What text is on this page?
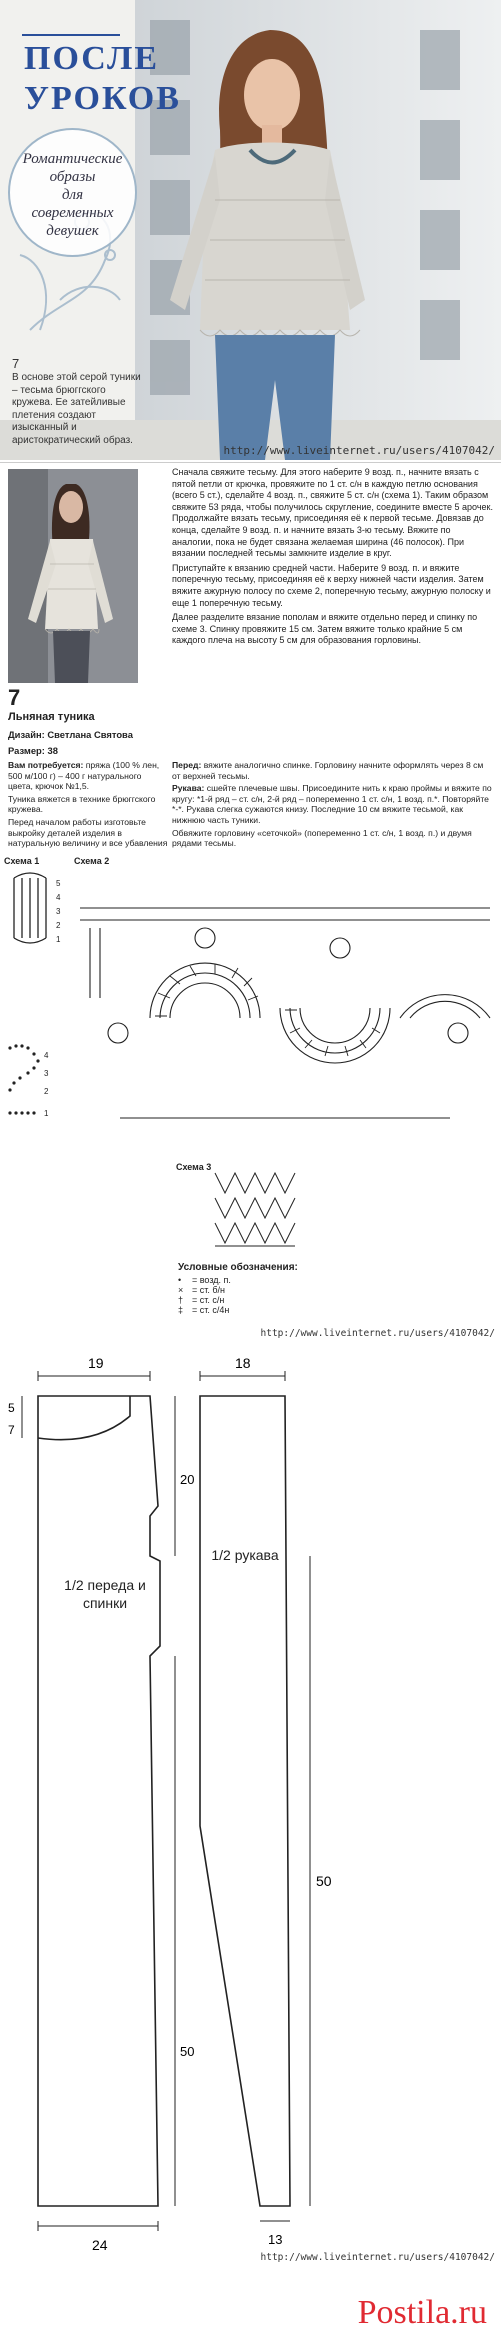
ПОСЛЕ
УРОКОВ
Романтические
образы
для
современных
девушек
7
В основе этой серой туники – тесьма брюггского кружева. Ее затейливые плетения создают изысканный и аристократический образ.
http://www.liveinternet.ru/users/4107042/
7
Льняная туника

Дизайн: Светлана Святова

Размер: 38

Сначала свяжите тесьму. Для этого наберите 9 возд. п., начните вязать с пятой петли от крючка, провяжите по 1 ст. с/н в каждую петлю основания (всего 5 ст.), сделайте 4 возд. п., свяжите 5 ст. с/н (схема 1). Таким образом свяжите 53 ряда, чтобы получилось скругление, соедините вместе 5 арочек. Продолжайте вязать тесьму, присоединяя её к первой тесьме. Довязав до конца, сделайте 9 возд. п. и начните вязать 3-ю тесьму. Вяжите по аналогии, пока не будет связана желаемая ширина (46 полосок). При вязании последней тесьмы замкните изделие в круг.

Приступайте к вязанию средней части. Наберите 9 возд. п. и вяжите поперечную тесьму, присоединяя её к верху нижней части изделия. Затем вяжите ажурную полосу по схеме 2, поперечную тесьму, ажурную полоску и еще 1 поперечную тесьму.

Далее разделите вязание пополам и вяжите отдельно перед и спинку по схеме 3. Спинку провяжите 15 см. Затем вяжите только крайние 5 см каждого плеча на высоту 5 см для образования горловины.

Вам потребуется: пряжа (100 % лен, 500 м/100 г) – 400 г натурального цвета, крючок №1,5.

Туника вяжется в технике брюггского кружева.

Перед началом работы изготовьте выкройку деталей изделия в натуральную величину и все убавления

Перед: вяжите аналогично спинке. Горловину начните оформлять через 8 см от верхней тесьмы.

Рукава: сшейте плечевые швы. Присоедините нить к краю проймы и вяжите по кругу: *1-й ряд – ст. с/н, 2-й ряд – попеременно 1 ст. с/н, 1 возд. п.*. Повторяйте *-*. Рукава слегка сужаются книзу. Последние 10 см вяжите тесьмой, как нижнюю часть туники.

Обвяжите горловину «сеточкой» (попеременно 1 ст. с/н, 1 возд. п.) и двумя рядами тесьмы.

Схема 1	Схема 2
Схема 3
5
4
3
2
1
4
3
2
1
Условные обозначения:
• = возд. п.
× = ст. б/н
† = ст. с/н
‡ = ст. с/4н
http://www.liveinternet.ru/users/4107042/
19	18
5
7
20
50
50
13
24
1/2 переда и спинки
1/2 рукава
http://www.liveinternet.ru/users/4107042/
Postila.ru
